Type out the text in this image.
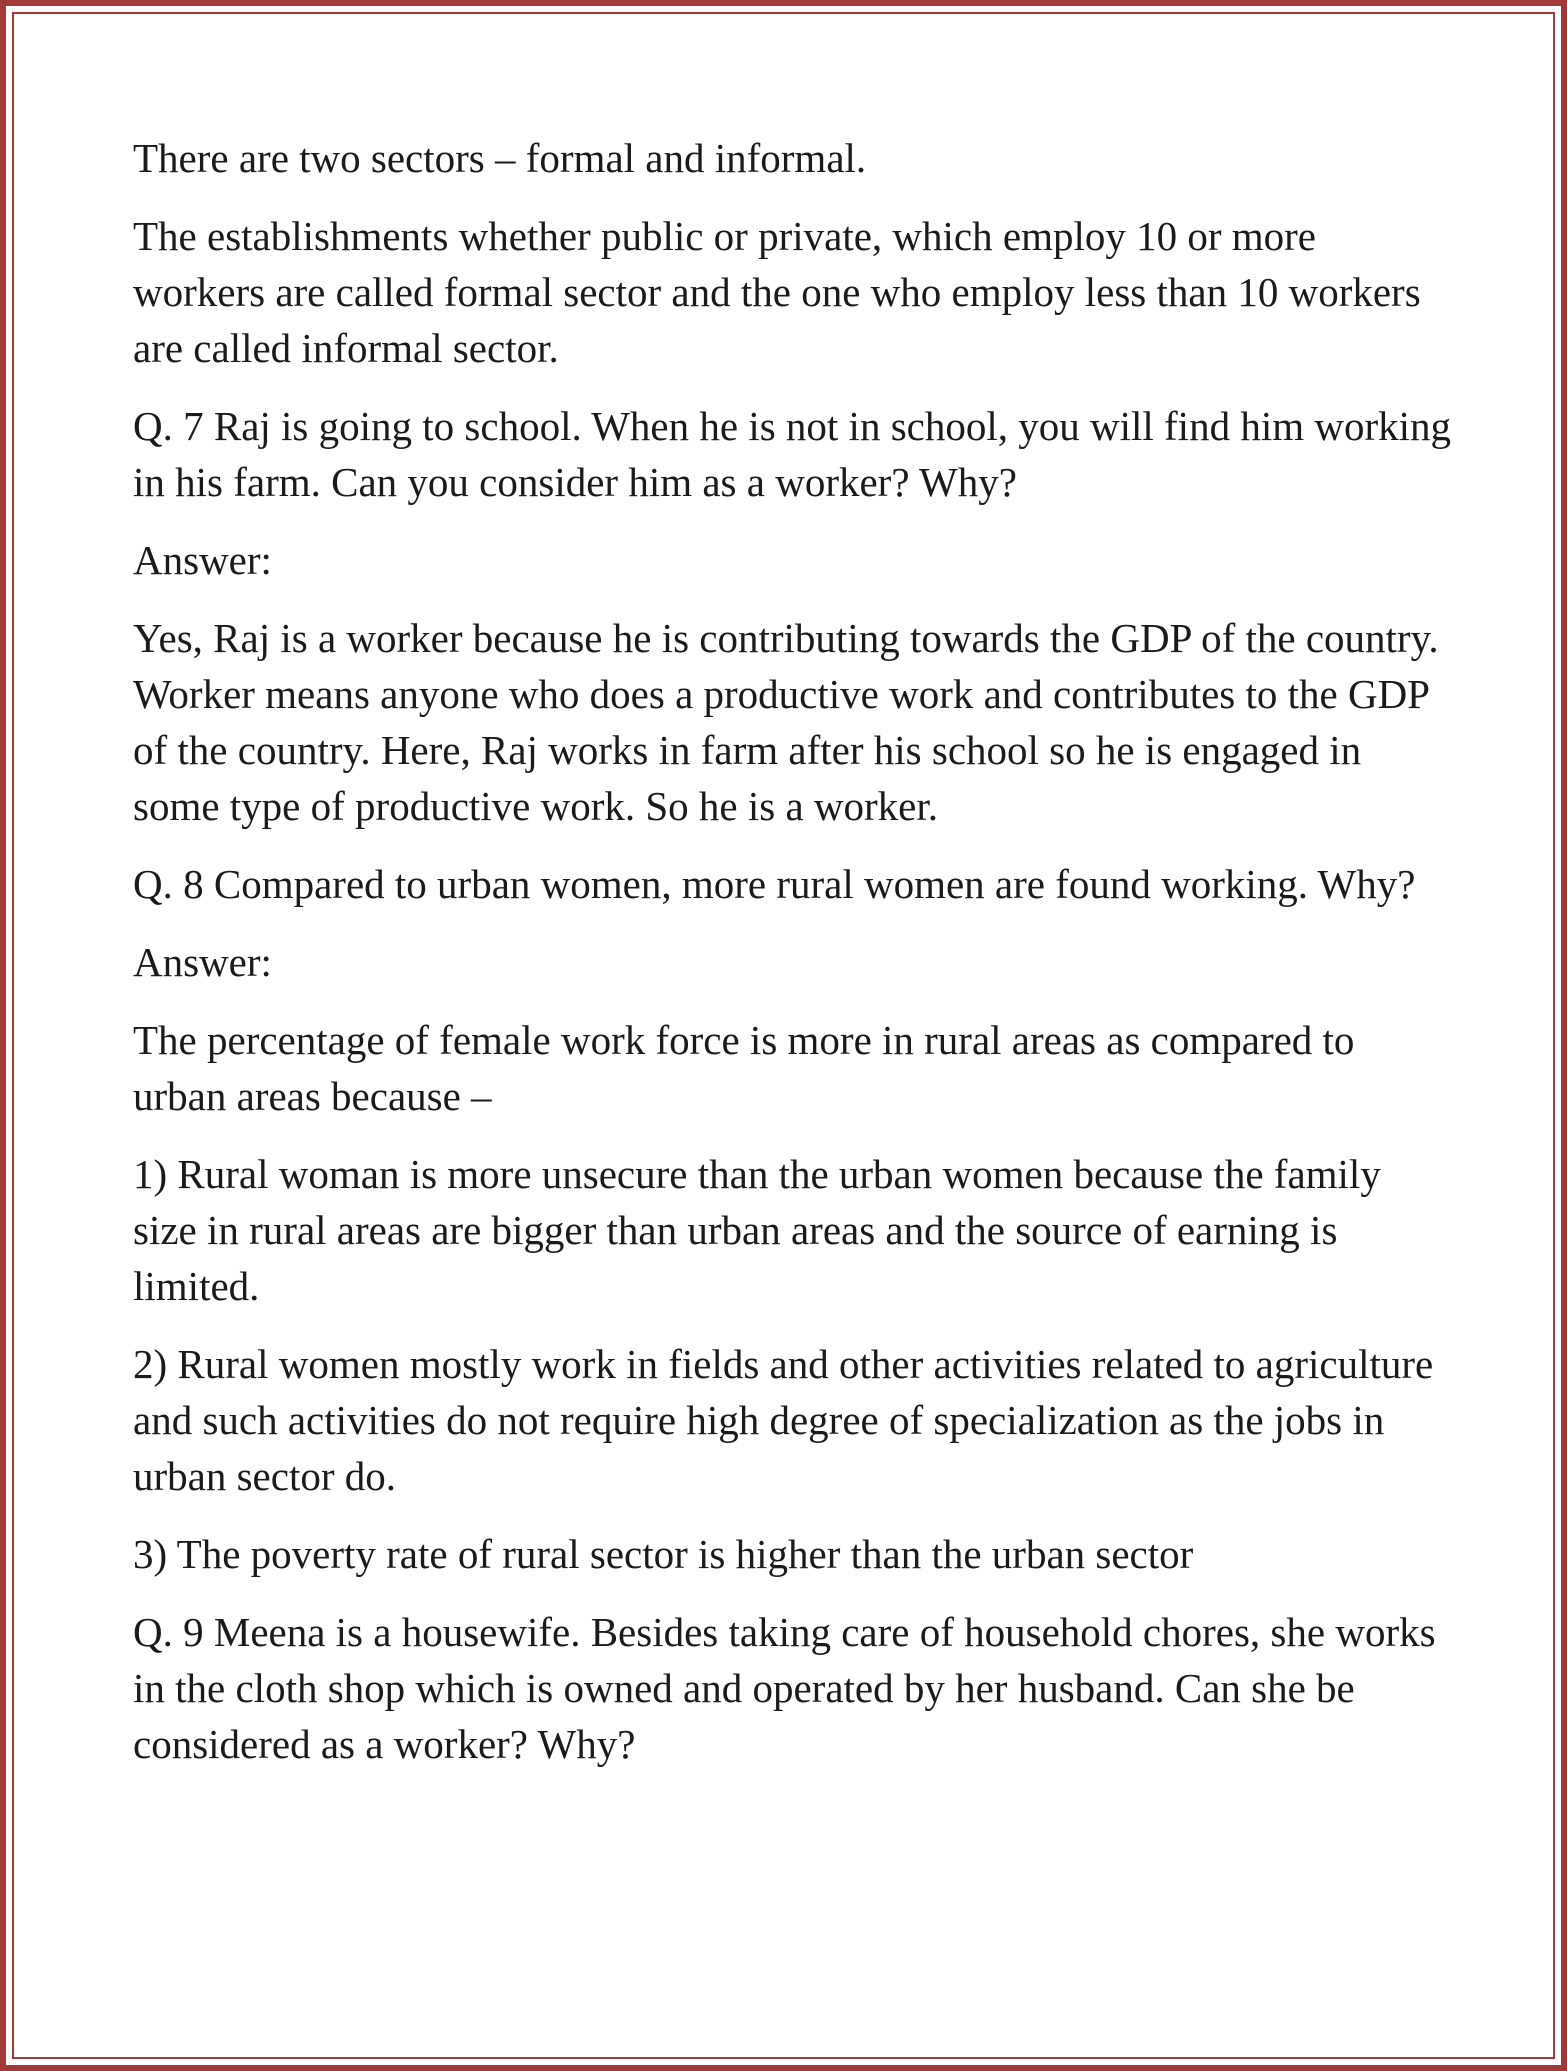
There are two sectors – formal and informal.

The establishments whether public or private, which employ 10 or more workers are called formal sector and the one who employ less than 10 workers are called informal sector.

Q. 7 Raj is going to school. When he is not in school, you will find him working in his farm. Can you consider him as a worker? Why?

Answer:

Yes, Raj is a worker because he is contributing towards the GDP of the country. Worker means anyone who does a productive work and contributes to the GDP of the country. Here, Raj works in farm after his school so he is engaged in some type of productive work. So he is a worker.

Q. 8 Compared to urban women, more rural women are found working. Why?

Answer:

The percentage of female work force is more in rural areas as compared to urban areas because –

1) Rural woman is more unsecure than the urban women because the family size in rural areas are bigger than urban areas and the source of earning is limited.

2) Rural women mostly work in fields and other activities related to agriculture and such activities do not require high degree of specialization as the jobs in urban sector do.

3) The poverty rate of rural sector is higher than the urban sector

Q. 9 Meena is a housewife. Besides taking care of household chores, she works in the cloth shop which is owned and operated by her husband. Can she be considered as a worker? Why?
